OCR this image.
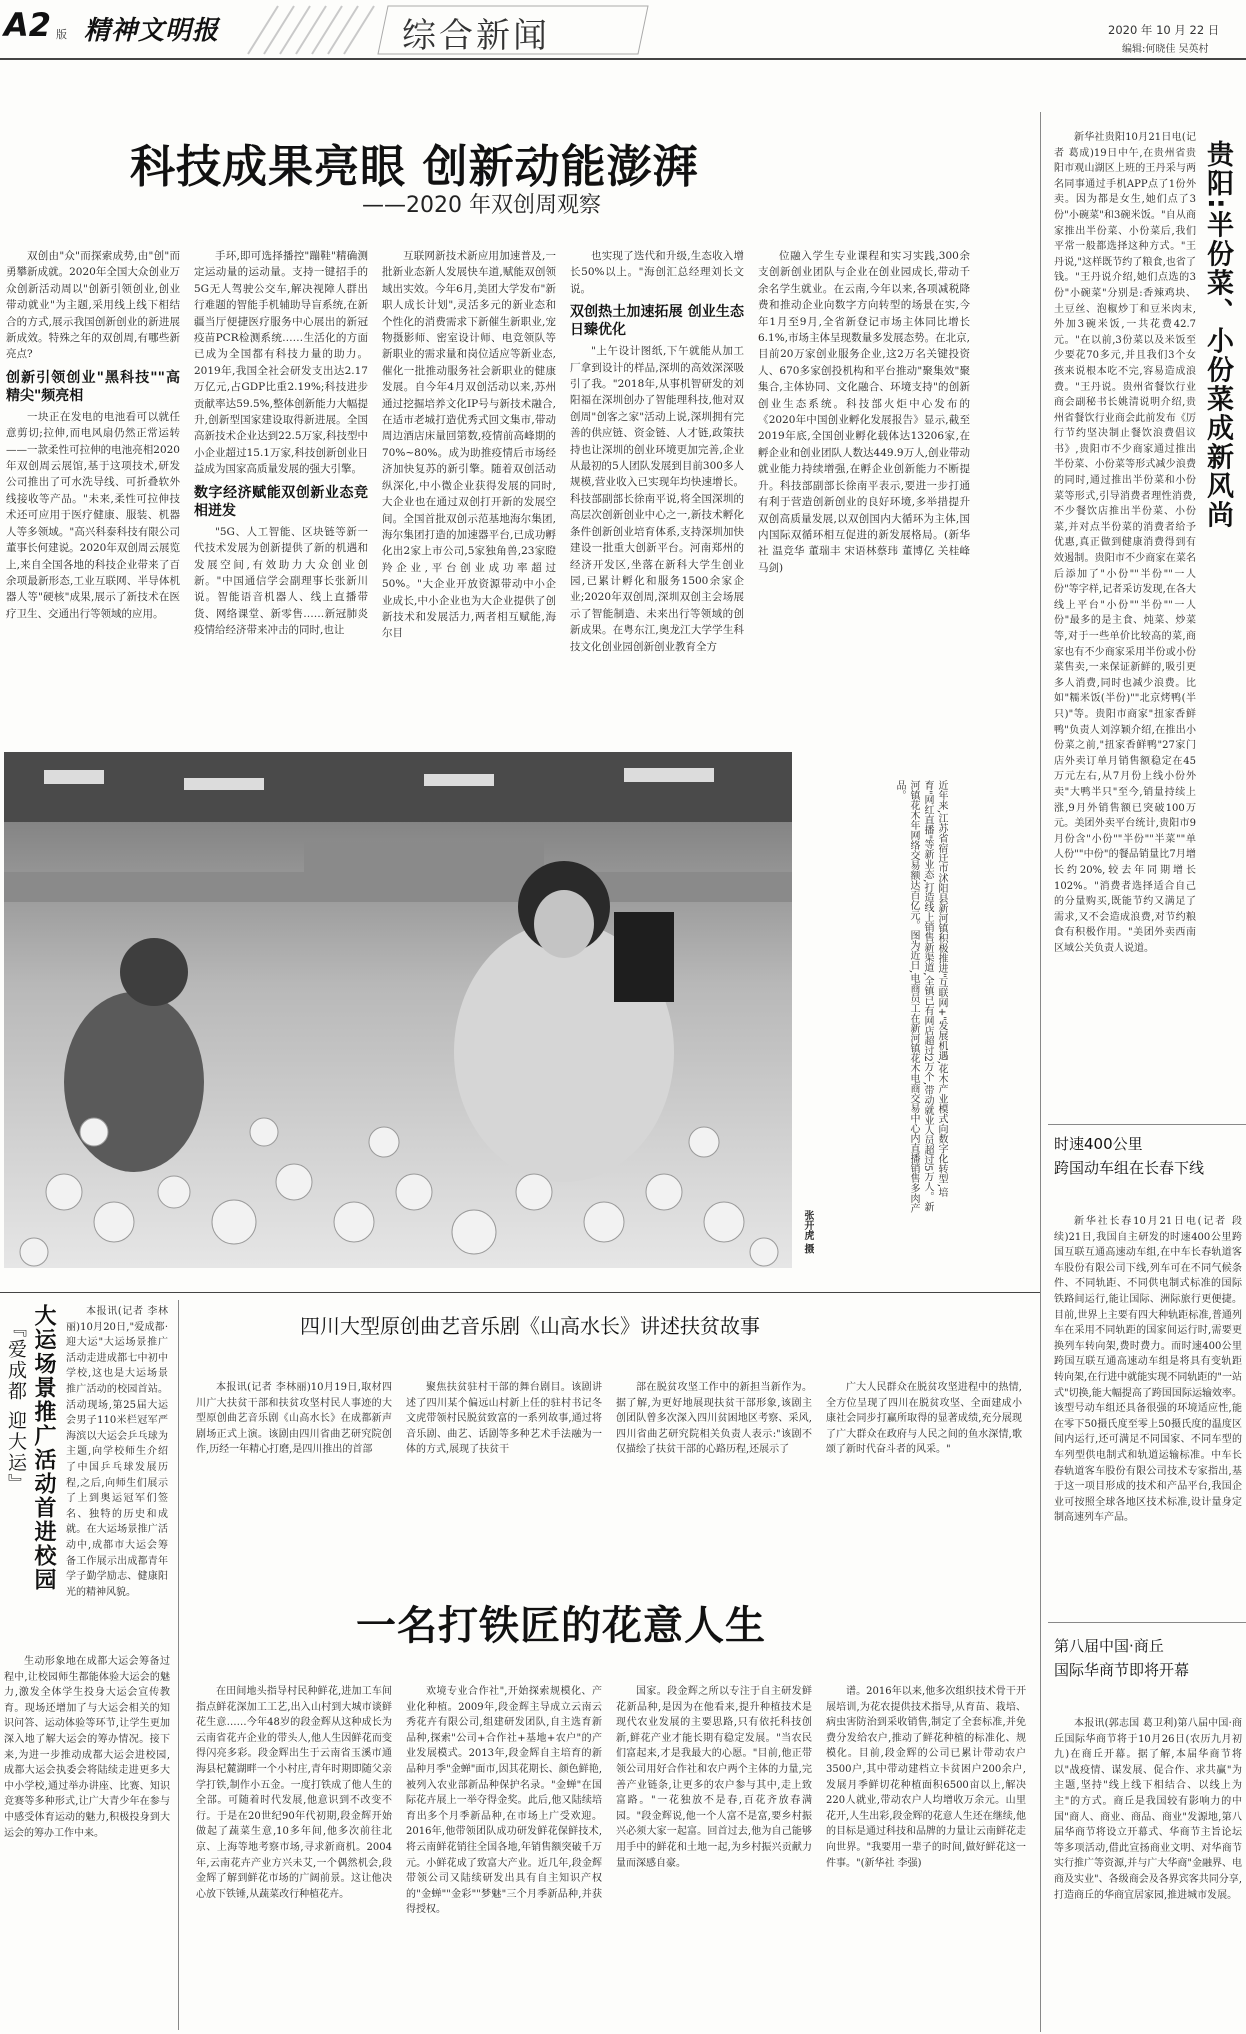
A2 版 精神文明报	综合新闻	2020 年 10 月 22 日
编辑:何晓佳 吴英村
科技成果亮眼 创新动能澎湃
——2020 年双创周观察

双创由"众"而探索成势,由"创"而勇攀新成就。2020年全国大众创业万众创新活动周以"创新引领创业,创业带动就业"为主题,采用线上线下相结合的方式,展示我国创新创业的新进展新成效。特殊之年的双创周,有哪些新亮点?

创新引领创业"黑科技""高精尖"频亮相

一块正在发电的电池看可以就任意剪切;拉伸,而电风扇仍然正常运转——一款柔性可拉伸的电池亮相2020年双创周云展馆,基于这项技术,研发公司推出了可水洗导线、可折叠软外线接收等产品。"未来,柔性可拉伸技术还可应用于医疗健康、服装、机器人等多领域。"高兴科泰科技有限公司董事长何建说。2020年双创周云展览上,来自全国各地的科技企业带来了百余项最新形态,工业互联网、半导体机器人等"硬核"成果,展示了新技术在医疗卫生、交通出行等领域的应用。

手环,即可选择播控"蹦鞋"精确测定运动量的运动量。支持一键招手的5G无人驾驶公交车,解决视障人群出行难题的智能手机辅助导盲系统,在新疆当厅便捷医疗服务中心展出的新冠疫苗PCR检测系统……生活化的方面已成为全国都有科技力量的助力。2019年,我国全社会研发支出达2.17万亿元,占GDP比重2.19%;科技进步贡献率达59.5%,整体创新能力大幅提升,创新型国家建设取得新进展。全国高新技术企业达到22.5万家,科技型中小企业超过15.1万家,科技创新创业日益成为国家高质量发展的强大引擎。

数字经济赋能双创新业态竞相迸发

"5G、人工智能、区块链等新一代技术发展为创新提供了新的机遇和发展空间,有效助力大众创业创新。"中国通信学会副理事长张新川说。智能语音机器人、线上直播带货、网络课堂、新零售……新冠肺炎疫情给经济带来冲击的同时,也让

互联网新技术新应用加速普及,一批新业态新人发展快车道,赋能双创领域出实效。今年6月,美团大学发布"新职人成长计划",灵活多元的新业态和个性化的消费需求下新催生新职业,宠物摄影师、密室设计师、电竞领队等新职业的需求量和岗位适应等新业态,催化一批推动服务社会新职业的健康发展。自今年4月双创活动以来,苏州通过挖掘培养文化IP号与新技术融合,在适市老城打造优秀式回文集市,带动周边酒店床量回第数,疫情前高峰期的70%~80%。成为助推疫情后市场经济加快复苏的新引擎。随着双创活动纵深化,中小微企业获得发展的同时,大企业也在通过双创打开新的发展空间。全国首批双创示范基地海尔集团,海尔集团打造的加速器平台,已成功孵化出2家上市公司,5家独角兽,23家瞪羚企业,平台创业成功率超过50%。"大企业开放资源带动中小企业成长,中小企业也为大企业提供了创新技术和发展活力,两者相互赋能,海尔目

也实现了迭代和升级,生态收入增长50%以上。"海创汇总经理刘长文说。

双创热土加速拓展 创业生态日臻优化

"上午设计图纸,下午就能从加工厂拿到设计的样品,深圳的高效深深吸引了我。"2018年,从事机智研发的刘阳福在深圳创办了智能理科技,他对双创周"创客之家"活动上说,深圳拥有完善的供应链、资金链、人才链,政策扶持也让深圳的创业环境更加完善,企业从最初的5人团队发展到目前300多人规模,营业收入已实现年均快速增长。科技部副部长徐南平说,将全国深圳的高层次创新创业中心之一,新技术孵化条件创新创业培育体系,支持深圳加快建设一批重大创新平台。河南郑州的经济开发区,坐落在新科大学生创业园,已累计孵化和服务1500余家企业;2020年双创周,深圳双创主会场展示了智能制造、未来出行等领域的创新成果。在粤东江,奥龙江大学学生科技文化创业园创新创业教育全方

位融入学生专业课程和实习实践,300余支创新创业团队与企业在创业园成长,带动千余名学生就业。在云南,今年以来,各项减税降费和推动企业向数字方向转型的场景在实,今年1月至9月,全省新登记市场主体同比增长6.1%,市场主体呈现数量多发展态势。在北京,目前20万家创业服务企业,这2万名关键投资人、670多家创投机构和平台推动"聚集效"聚集合,主体协同、文化融合、环境支持"的创新创业生态系统。科技部火炬中心发布的《2020年中国创业孵化发展报告》显示,截至2019年底,全国创业孵化载体达13206家,在孵企业和创业团队人数达449.9万人,创业带动就业能力持续增强,在孵企业创新能力不断提升。科技部副部长徐南平表示,要进一步打通有利于营造创新创业的良好环境,多举措提升双创高质量发展,以双创国内大循环为主体,国内国际双循环相互促进的新发展格局。(新华社 温竞华 董瑞丰 宋语林蔡玮 董博亿 关桂峰 马剑)

近年来,江苏省宿迁市沭阳县新河镇积极推进"互联网+"发展机遇,花木产业模式向数字化转型,培育"网红直播"等新业态,打造线上销售新渠道,全镇已有网店超过2万个,带动就业人员超过5万人。新河镇花木年网络交易额达百亿元。图为近日,电商员工在新河镇花木电商交易中心内直播销售多肉产品。
张开虎 摄

新华社贵阳10月21日电(记者 葛成)19日中午,在贵州省贵阳市观山湖区上班的王丹采与两名同事通过手机APP点了1份外卖。因为都是女生,她们点了3份"小碗菜"和3碗米饭。"自从商家推出半份菜、小份菜后,我们平常一般都选择这种方式。"王丹说,"这样既节约了粮食,也省了钱。"王丹说介绍,她们点选的3份"小碗菜"分别是:香辣鸡块、土豆丝、泡椒炒丁和豆米肉末,外加3碗米饭,一共花费42.7元。"在以前,3份菜以及米饭至少要花70多元,并且我们3个女孩来说根本吃不完,容易造成浪费。"王丹说。贵州省餐饮行业商会副秘书长姚清说明介绍,贵州省餐饮行业商会此前发布《厉行节约坚决制止餐饮浪费倡议书》,贵阳市不少商家通过推出半份菜、小份菜等形式减少浪费的同时,通过推出半份菜和小份菜等形式,引导消费者理性消费,不少餐饮店推出半份菜、小份菜,并对点半份菜的消费者给予优惠,真正做到健康消费得到有效遏制。贵阳市不少商家在菜名后添加了"小份""半份""一人份"等字样,记者采访发现,在各大线上平台"小份""半份""一人份"最多的是主食、炖菜、炒菜等,对于一些单价比较高的菜,商家也有不少商家采用半份或小份菜售卖,一来保证新鲜的,吸引更多人消费,同时也减少浪费。比如"糯米饭(半份)""北京烤鸭(半只)"等。贵阳市商家"扭家香鲜鸭"负责人刘淳颖介绍,在推出小份菜之前,"扭家香鲜鸭"27家门店外卖订单月销售额稳定在45万元左右,从7月份上线小份外卖"大鸭半只"至今,销量持续上涨,9月外销售额已突破100万元。美团外卖平台统计,贵阳市9月份含"小份""半份""半菜""单人份""中份"的餐品销量比7月增长约20%,较去年同期增长102%。"消费者选择适合自己的分量购买,既能节约又满足了需求,又不会造成浪费,对节约粮食有积极作用。"美团外卖西南区域公关负责人说道。

贵阳:半份菜、小份菜成新风尚
时速400公里
跨国动车组在长春下线

新华社长春10月21日电(记者 段续)21日,我国自主研发的时速400公里跨国互联互通高速动车组,在中车长春轨道客车股份有限公司下线,列车可在不同气候条件、不同轨距、不同供电制式标准的国际铁路间运行,能让国际、洲际旅行更便捷。目前,世界上主要有四大种轨距标准,普通列车在采用不同轨距的国家间运行时,需要更换列车转向架,费时费力。而时速400公里跨国互联互通高速动车组是将具有变轨距转向架,在行进中就能实现不同轨距的"一站式"切换,能大幅提高了跨国国际运输效率。该型号动车组还具备很强的环境适应性,能在零下50摄氏度至零上50摄氏度的温度区间内运行,还可满足不同国家、不同车型的车列型供电制式和轨道运输标准。中车长春轨道客车股份有限公司技术专家指出,基于这一项目形成的技术和产品平台,我国企业可按照全球各地区技术标准,设计量身定制高速列车产品。

第八届中国·商丘
国际华商节即将开幕

本报讯(郭志国 葛卫利)第八届中国·商丘国际华商节将于10月26日(农历九月初九)在商丘开幕。据了解,本届华商节将以"战疫情、谋发展、促合作、求共赢"为主题,坚持"线上线下相结合、以线上为主"的方式。商丘是我国较有影响力的中国"商人、商业、商品、商业"发源地,第八届华商节将设立开幕式、华商节主旨论坛等多项活动,借此宣扬商业文明、对华商节实行推广等资源,并与广大华商"金融界、电商及实业"、各级商会及各界宾客共同分享,打造商丘的华商宜居家园,推进城市发展。

大运场景推广活动首进校园
『爱成都 迎大运』

本报讯(记者 李林丽)10月20日,"爱成都·迎大运"大运场景推广活动走进成都七中初中学校,这也是大运场景推广活动的校园首站。活动现场,第25届大运会男子110米栏冠军严海滨以大运会乒乓球为主题,向学校师生介绍了中国乒乓球发展历程,之后,向师生们展示了上到奥运冠军们签名、独特的历史和成就。在大运场景推广活动中,成都市大运会筹备工作展示出成都青年学子勤学励志、健康阳光的精神风貌。

生动形象地在成都大运会筹备过程中,让校园师生都能体验大运会的魅力,激发全体学生投身大运会宣传教育。现场还增加了与大运会相关的知识问答、运动体验等环节,让学生更加深入地了解大运会的筹办情况。接下来,为进一步推动成都大运会进校园,成都大运会执委会将陆续走进更多大中小学校,通过举办讲座、比赛、知识竞赛等多种形式,让广大青少年在参与中感受体育运动的魅力,积极投身到大运会的筹办工作中来。

四川大型原创曲艺音乐剧《山高水长》讲述扶贫故事

本报讯(记者 李林丽)10月19日,取材四川广大扶贫干部和扶贫攻坚村民人事迹的大型原创曲艺音乐剧《山高水长》在成都新声剧场正式上演。该剧由四川省曲艺研究院创作,历经一年精心打磨,是四川推出的首部

聚焦扶贫驻村干部的舞台剧目。该剧讲述了四川某个偏远山村新上任的驻村书记冬文虎带领村民脱贫致富的一系列故事,通过将音乐剧、曲艺、话剧等多种艺术手法融为一体的方式,展现了扶贫干

部在脱贫攻坚工作中的新担当新作为。据了解,为更好地展现扶贫干部形象,该剧主创团队曾多次深入四川贫困地区考察、采风,四川省曲艺研究院相关负责人表示:"该剧不仅描绘了扶贫干部的心路历程,还展示了

广大人民群众在脱贫攻坚进程中的热情,全方位呈现了四川在脱贫攻坚、全面建成小康社会同步打赢所取得的显著成绩,充分展现了广大群众在政府与人民之间的鱼水深情,歌颂了新时代奋斗者的风采。"

一名打铁匠的花意人生

在田间地头指导村民种鲜花,进加工车间指点鲜花深加工工艺,出入山村到大城市谈鲜花生意……今年48岁的段金辉从这种成长为云南省花卉企业的带头人,他人生因鲜花而变得闪亮多彩。段金辉出生于云南省玉溪市通海县杞麓湖畔一个小村庄,青年时期即随父亲学打铁,制作小五金。一度打铁成了他人生的全部。可随着时代发展,他意识到不改变不行。于是在20世纪90年代初期,段金辉开始做起了蔬菜生意,10多年间,他多次前往北京、上海等地考察市场,寻求新商机。2004年,云南花卉产业方兴未艾,一个偶然机会,段金辉了解到鲜花市场的广阔前景。这让他决心放下铁锤,从蔬菜改行种植花卉。

欢境专业合作社",开始探索规模化、产业化种植。2009年,段金辉主导成立云南云秀花卉有限公司,组建研发团队,自主选育新品种,探索"公司+合作社+基地+农户"的产业发展模式。2013年,段金辉自主培育的新品种月季"金蝉"面市,因其花期长、颜色鲜艳,被列入农业部新品种保护名录。"金蝉"在国际花卉展上一举夺得金奖。此后,他又陆续培育出多个月季新品种,在市场上广受欢迎。2016年,他带领团队成功研发鲜花保鲜技术,将云南鲜花销往全国各地,年销售额突破千万元。小鲜花成了致富大产业。近几年,段金辉带领公司又陆续研发出具有自主知识产权的"金蝉""金彩""梦魅"三个月季新品种,并获得授权。

国家。段金辉之所以专注于自主研发鲜花新品种,是因为在他看来,提升种植技术是现代农业发展的主要思路,只有依托科技创新,鲜花产业才能长期有稳定发展。"当农民们富起来,才是我最大的心愿。"目前,他正带领公司用好合作社和农户两个主体的力量,完善产业链条,让更多的农户参与其中,走上致富路。"一花独放不是春,百花齐放春满园。"段金辉说,他一个人富不是富,要乡村振兴必须大家一起富。回首过去,他为自己能够用手中的鲜花和土地一起,为乡村振兴贡献力量而深感自豪。

谱。2016年以来,他多次组织技术骨干开展培训,为花农提供技术指导,从育苗、栽培、病虫害防治到采收销售,制定了全套标准,并免费分发给农户,推动了鲜花种植的标准化、规模化。目前,段金辉的公司已累计带动农户3500户,其中带动建档立卡贫困户200余户,发展月季鲜切花种植面积6500亩以上,解决220人就业,带动农户人均增收万余元。山里花开,人生出彩,段金辉的花意人生还在继续,他的目标是通过科技和品牌的力量让云南鲜花走向世界。"我要用一辈子的时间,做好鲜花这一件事。"(新华社 李强)
